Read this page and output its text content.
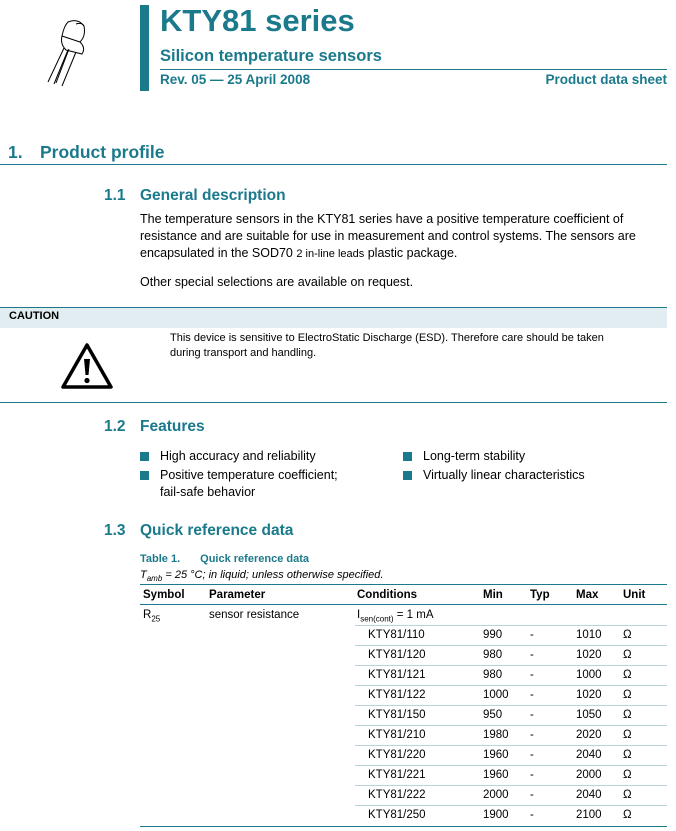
KTY81 series
Silicon temperature sensors
Rev. 05 — 25 April 2008	Product data sheet
1. Product profile
1.1 General description
The temperature sensors in the KTY81 series have a positive temperature coefficient of
resistance and are suitable for use in measurement and control systems. The sensors are
encapsulated in the SOD70 2 in-line leads plastic package.
Other special selections are available on request.
CAUTION
This device is sensitive to ElectroStatic Discharge (ESD). Therefore care should be taken
during transport and handling.
1.2 Features
High accuracy and reliability
Positive temperature coefficient;
fail-safe behavior
Long-term stability
Virtually linear characteristics
1.3 Quick reference data
Table 1. Quick reference data
$T_{amb} = 25$ °C; in liquid; unless otherwise specified.
Symbol Parameter	Conditions	Min Typ Max Unit
$R_{25}$	sensor resistance	$I_{sen(cont)} = 1$ mA
KTY81/110	990 -	1010 Ω
KTY81/120	980 -	1020 Ω
KTY81/121	980 -	1000 Ω
KTY81/122	1000 -	1020 Ω
KTY81/150	950 -	1050 Ω
KTY81/210	1980 -	2020 Ω
KTY81/220	1960 -	2040 Ω
KTY81/221	1960 -	2000 Ω
KTY81/222	2000 -	2040 Ω
KTY81/250	1900 -	2100 Ω
